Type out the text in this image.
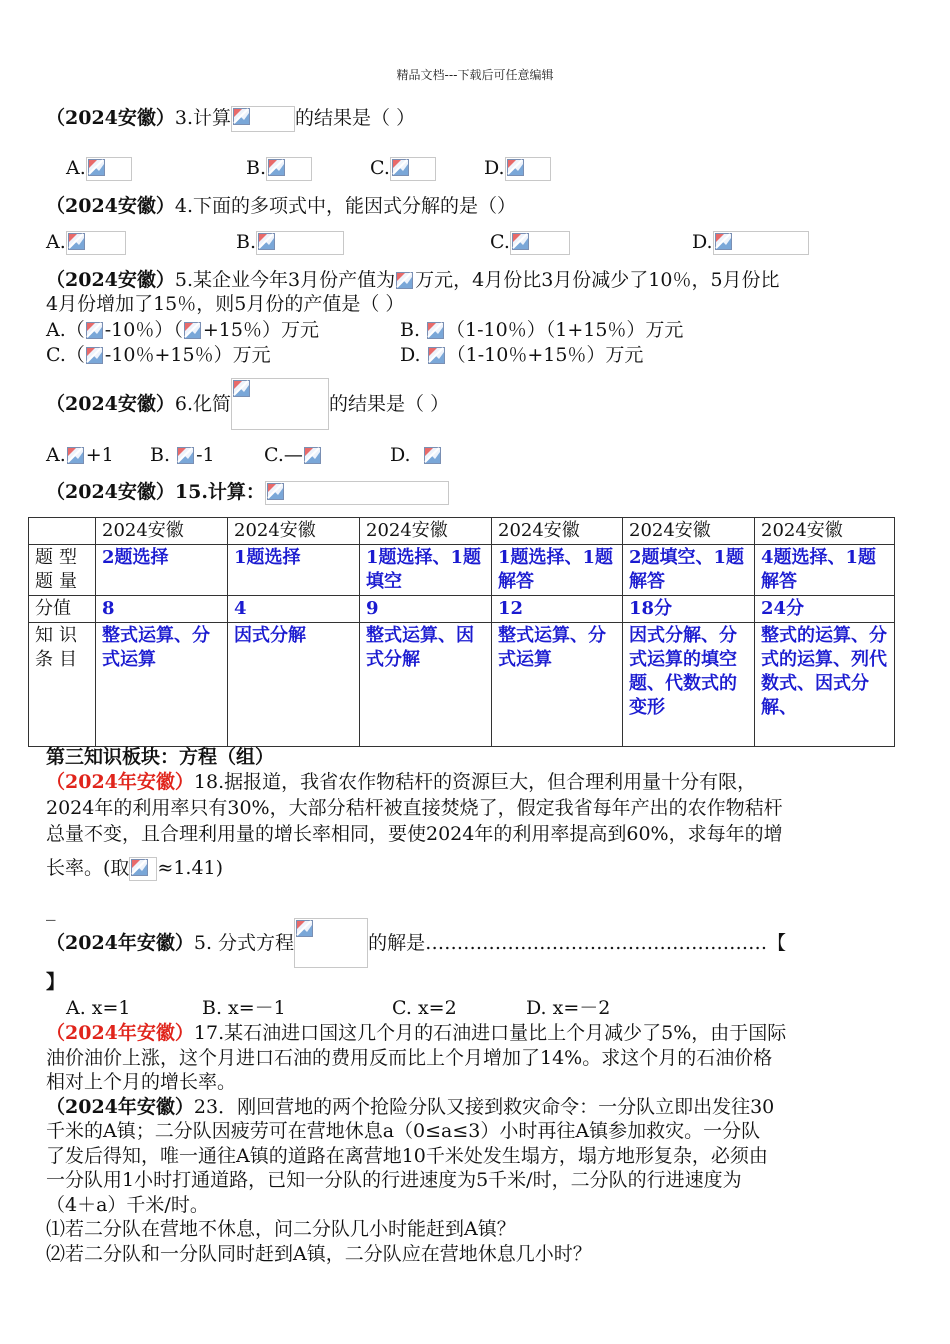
精品文档---下载后可任意编辑
（2024安徽）3.计算	的结果是（ ）
A.	B.	C.	D.
（2024安徽）4.下面的多项式中，能因式分解的是（）
A.	B.	C.	D.
（2024安徽）5.某企业今年3月份产值为 万元，4月份比3月份减少了10％，5月份比
4月份增加了15％，则5月份的产值是（ ）
A.（ -10％）（ +15％）万元	B.
（1-10％）（1+15％）万元
C.（ -10％+15％）万元	D.
（1-10％+15％）万元
（2024安徽）6.化简	的结果是（ ）
A. +1 B. -1	C.—	D.
（2024安徽）15.计算：
	2024安徽	2024安徽	2024安徽	2024安徽	2024安徽	2024安徽
题型题量	2题选择	1题选择	1题选择、1题填空	1题选择、1题解答	2题填空、1题解答	4题选择、1题解答
分值	8	4	9	12	18分	24分
知识条目	整式运算、分式运算	因式分解	整式运算、因式分解	整式运算、分式运算	因式分解、分式运算的填空题、代数式的变形	整式的运算、分式的运算、列代数式、因式分解、
第三知识板块：方程（组）
（2024年安徽）18.据报道，我省农作物秸杆的资源巨大，但合理利用量十分有限，
2024年的利用率只有30%，大部分秸杆被直接焚烧了，假定我省每年产出的农作物秸杆
总量不变，且合理利用量的增长率相同，要使2024年的利用率提高到60%，求每年的增
长率。(取 ≈1.41)
_
（2024年安徽）5. 分式方程	的解是………………………………………………【
】
A. x=1	B. x=－1	C. x=2	D. x=－2
（2024年安徽）17.某石油进口国这几个月的石油进口量比上个月减少了5%，由于国际
油价油价上涨，这个月进口石油的费用反而比上个月增加了14%。求这个月的石油价格
相对上个月的增长率。
（2024年安徽）23．刚回营地的两个抢险分队又接到救灾命令：一分队立即出发往30
千米的A镇；二分队因疲劳可在营地休息a（0≤a≤3）小时再往A镇参加救灾。一分队
了发后得知，唯一通往A镇的道路在离营地10千米处发生塌方，塌方地形复杂，必须由
一分队用1小时打通道路，已知一分队的行进速度为5千米/时，二分队的行进速度为
（4＋a）千米/时。
⑴若二分队在营地不休息，问二分队几小时能赶到A镇？
⑵若二分队和一分队同时赶到A镇，二分队应在营地休息几小时？
